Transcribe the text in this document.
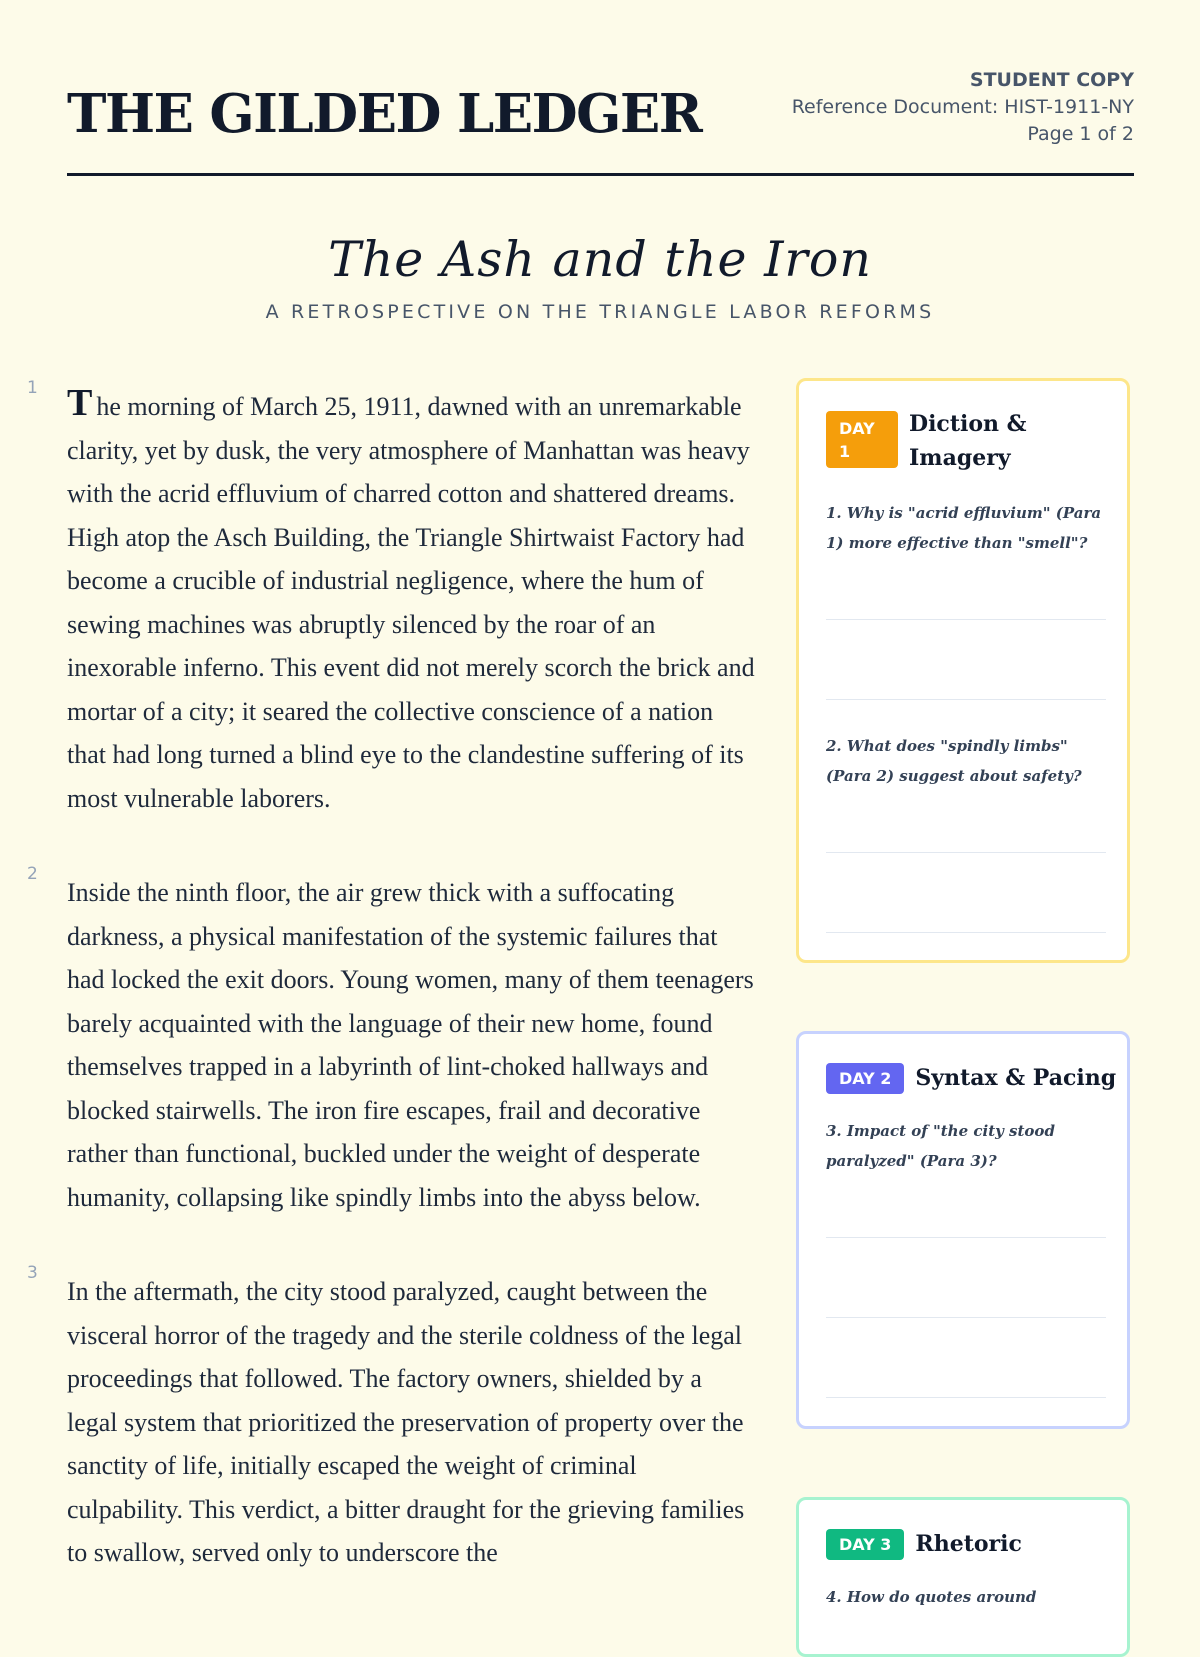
THE GILDED LEDGER
STUDENT COPY
Reference Document: HIST-1911-NY
Page 1 of 2
The Ash and the Iron
A RETROSPECTIVE ON THE TRIANGLE LABOR REFORMS

1 T he morning of March 25, 1911, dawned with an unremarkable clarity, yet by dusk, the very atmosphere of Manhattan was heavy with the acrid effluvium of charred cotton and shattered dreams. High atop the Asch Building, the Triangle Shirtwaist Factory had become a crucible of industrial negligence, where the hum of sewing machines was abruptly silenced by the roar of an inexorable inferno. This event did not merely scorch the brick and mortar of a city; it seared the collective conscience of a nation that had long turned a blind eye to the clandestine suffering of its most vulnerable laborers.

2
Inside the ninth floor, the air grew thick with a suffocating darkness, a physical manifestation of the systemic failures that had locked the exit doors. Young women, many of them teenagers barely acquainted with the language of their new home, found themselves trapped in a labyrinth of lint-choked hallways and blocked stairwells. The iron fire escapes, frail and decorative rather than functional, buckled under the weight of desperate humanity, collapsing like spindly limbs into the abyss below.

3
In the aftermath, the city stood paralyzed, caught between the visceral horror of the tragedy and the sterile coldness of the legal proceedings that followed. The factory owners, shielded by a legal system that prioritized the preservation of property over the sanctity of life, initially escaped the weight of criminal culpability. This verdict, a bitter draught for the grieving families to swallow, served only to underscore the

DAY 1
Diction & Imagery

1. Why is "acrid effluvium" (Para 1) more effective than "smell"?

2. What does "spindly limbs" (Para 2) suggest about safety?

DAY 2	Syntax & Pacing

3. Impact of "the city stood paralyzed" (Para 3)?

DAY 3	Rhetoric

4. How do quotes around
